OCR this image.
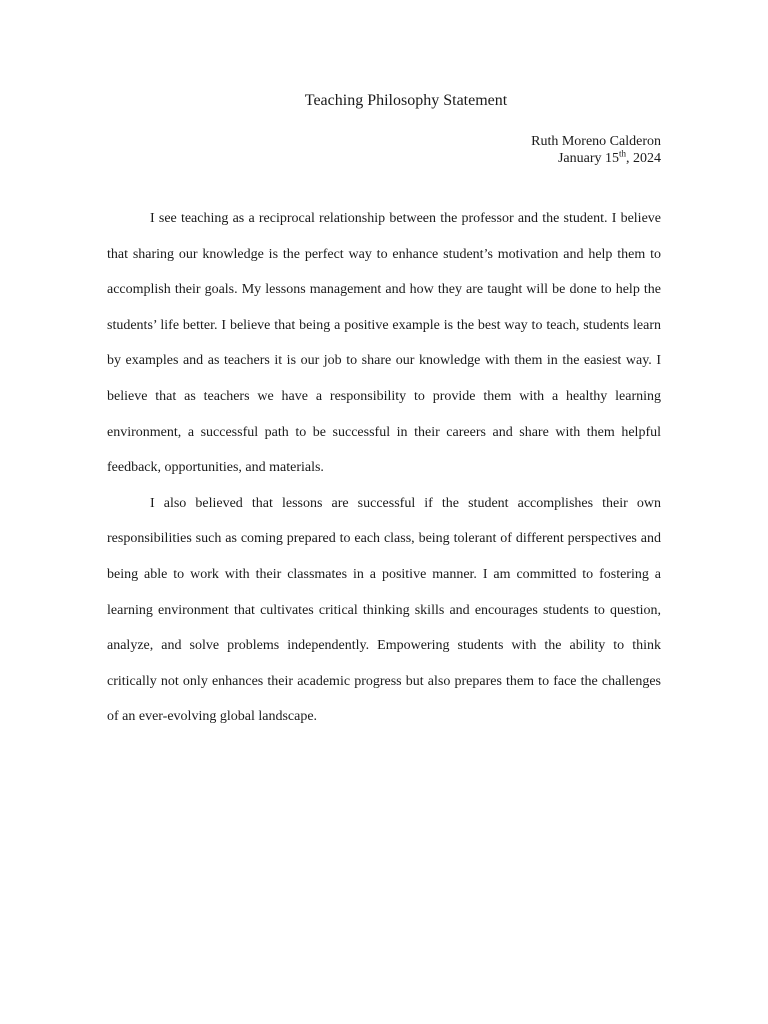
Teaching Philosophy Statement
Ruth Moreno Calderon
January 15th, 2024

I see teaching as a reciprocal relationship between the professor and the student. I believe that sharing our knowledge is the perfect way to enhance student’s motivation and help them to accomplish their goals. My lessons management and how they are taught will be done to help the students’ life better. I believe that being a positive example is the best way to teach, students learn by examples and as teachers it is our job to share our knowledge with them in the easiest way. I believe that as teachers we have a responsibility to provide them with a healthy learning environment, a successful path to be successful in their careers and share with them helpful feedback, opportunities, and materials.

I also believed that lessons are successful if the student accomplishes their own responsibilities such as coming prepared to each class, being tolerant of different perspectives and being able to work with their classmates in a positive manner. I am committed to fostering a learning environment that cultivates critical thinking skills and encourages students to question, analyze, and solve problems independently. Empowering students with the ability to think critically not only enhances their academic progress but also prepares them to face the challenges of an ever-evolving global landscape.
